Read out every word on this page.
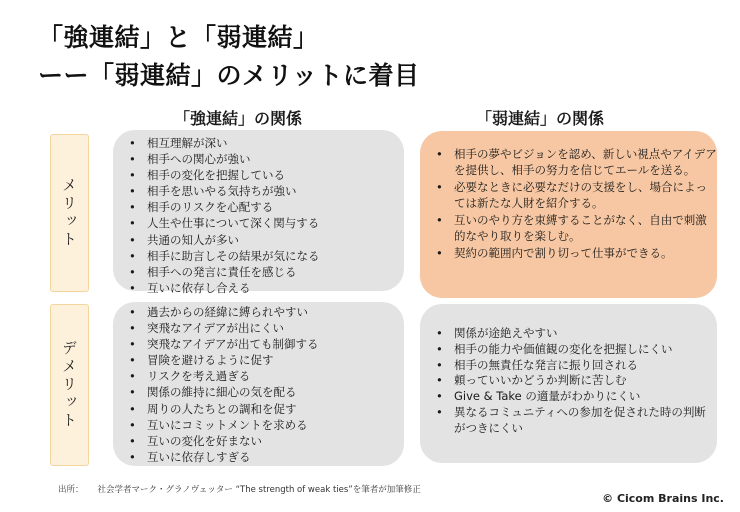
「強連結」と「弱連結」
ーー「弱連結」のメリットに着目
「強連結」の関係	「弱連結」の関係
メリット
デメリット
• 相互理解が深い
• 相手への関心が強い
• 相手の変化を把握している
• 相手を思いやる気持ちが強い
• 相手のリスクを心配する
• 人生や仕事について深く関与する
• 共通の知人が多い
• 相手に助言しその結果が気になる
• 相手への発言に責任を感じる
• 互いに依存し合える
• 相手の夢やビジョンを認め、新しい視点やアイデアを提供し、相手の努力を信じてエールを送る。
• 必要なときに必要なだけの支援をし、場合によっては新たな人財を紹介する。
• 互いのやり方を束縛することがなく、自由で刺激的なやり取りを楽しむ。
• 契約の範囲内で割り切って仕事ができる。
• 過去からの経緯に縛られやすい
• 突飛なアイデアが出にくい
• 突飛なアイデアが出ても制御する
• 冒険を避けるように促す
• リスクを考え過ぎる
• 関係の維持に細心の気を配る
• 周りの人たちとの調和を促す
• 互いにコミットメントを求める
• 互いの変化を好まない
• 互いに依存しすぎる
• 関係が途絶えやすい
• 相手の能力や価値観の変化を把握しにくい
• 相手の無責任な発言に振り回される
• 頼っていいかどうか判断に苦しむ
• Give & Take の適量がわかりにくい
• 異なるコミュニティへの参加を促された時の判断がつきにくい
出所： 社会学者マーク・グラノヴェッター “The strength of weak ties”を筆者が加筆修正
© Cicom Brains Inc.
